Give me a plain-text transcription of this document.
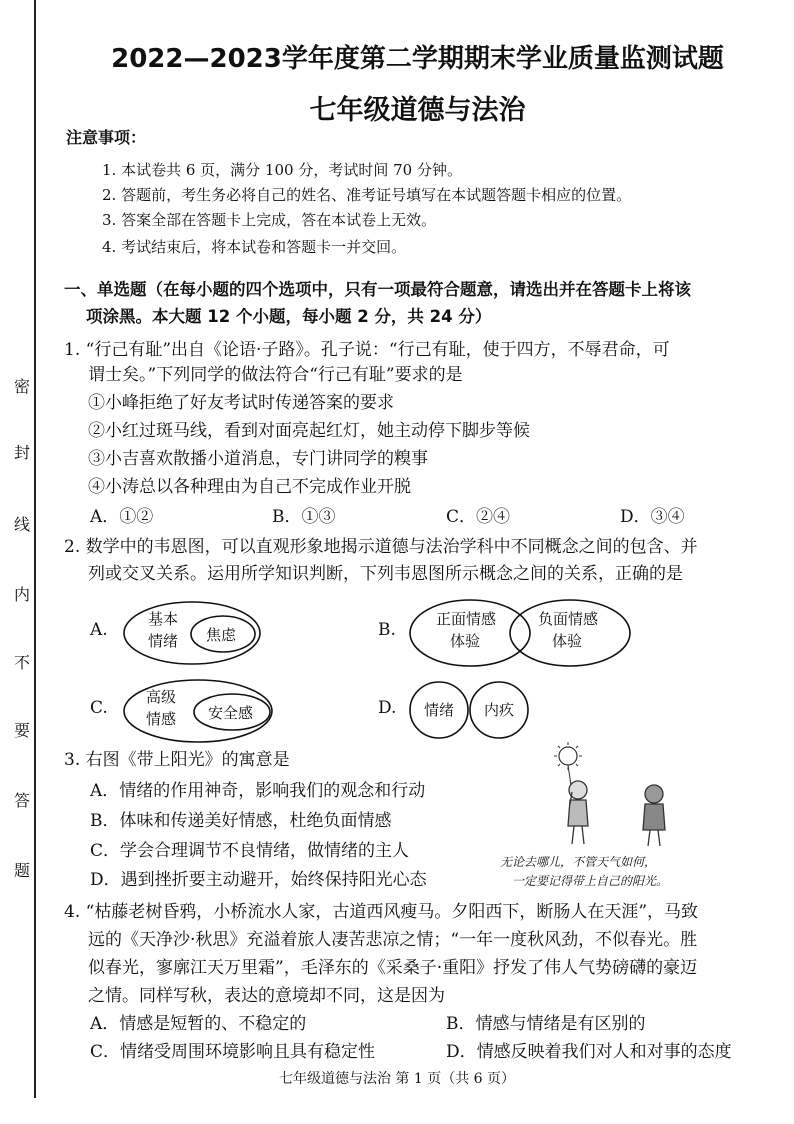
密
封
线
内
不
要
答
题
2022—2023学年度第二学期期末学业质量监测试题
七年级道德与法治
注意事项：
1. 本试卷共 6 页，满分 100 分，考试时间 70 分钟。
2. 答题前，考生务必将自己的姓名、准考证号填写在本试题答题卡相应的位置。
3. 答案全部在答题卡上完成，答在本试卷上无效。
4. 考试结束后，将本试卷和答题卡一并交回。
一、单选题（在每小题的四个选项中，只有一项最符合题意，请选出并在答题卡上将该
项涂黑。本大题 12 个小题，每小题 2 分，共 24 分）
1. “行己有耻”出自《论语·子路》。孔子说：“行己有耻，使于四方，不辱君命，可
谓士矣。”下列同学的做法符合“行己有耻”要求的是
①小峰拒绝了好友考试时传递答案的要求
②小红过斑马线，看到对面亮起红灯，她主动停下脚步等候
③小吉喜欢散播小道消息，专门讲同学的糗事
④小涛总以各种理由为自己不完成作业开脱
A．①②	B．①③	C．②④	D．③④
2. 数学中的韦恩图，可以直观形象地揭示道德与法治学科中不同概念之间的包含、并
列或交叉关系。运用所学知识判断，下列韦恩图所示概念之间的关系，正确的是
A.
基本
情绪 焦虑	B.
正面情感
体验
负面情感
体验
C.
高级
情感 安全感	D. 情绪 内疚
3. 右图《带上阳光》的寓意是
A．情绪的作用神奇，影响我们的观念和行动
B．体味和传递美好情感，杜绝负面情感
C．学会合理调节不良情绪，做情绪的主人
D．遇到挫折要主动避开，始终保持阳光心态
无论去哪儿，不管天气如何，
一定要记得带上自己的阳光。
4. “枯藤老树昏鸦，小桥流水人家，古道西风瘦马。夕阳西下，断肠人在天涯”，马致
远的《天净沙·秋思》充溢着旅人凄苦悲凉之情；“一年一度秋风劲，不似春光。胜
似春光，寥廓江天万里霜”，毛泽东的《采桑子·重阳》抒发了伟人气势磅礴的豪迈
之情。同样写秋，表达的意境却不同，这是因为
A．情感是短暂的、不稳定的	B．情感与情绪是有区别的
C．情绪受周围环境影响且具有稳定性	D．情感反映着我们对人和对事的态度
七年级道德与法治 第 1 页（共 6 页）
